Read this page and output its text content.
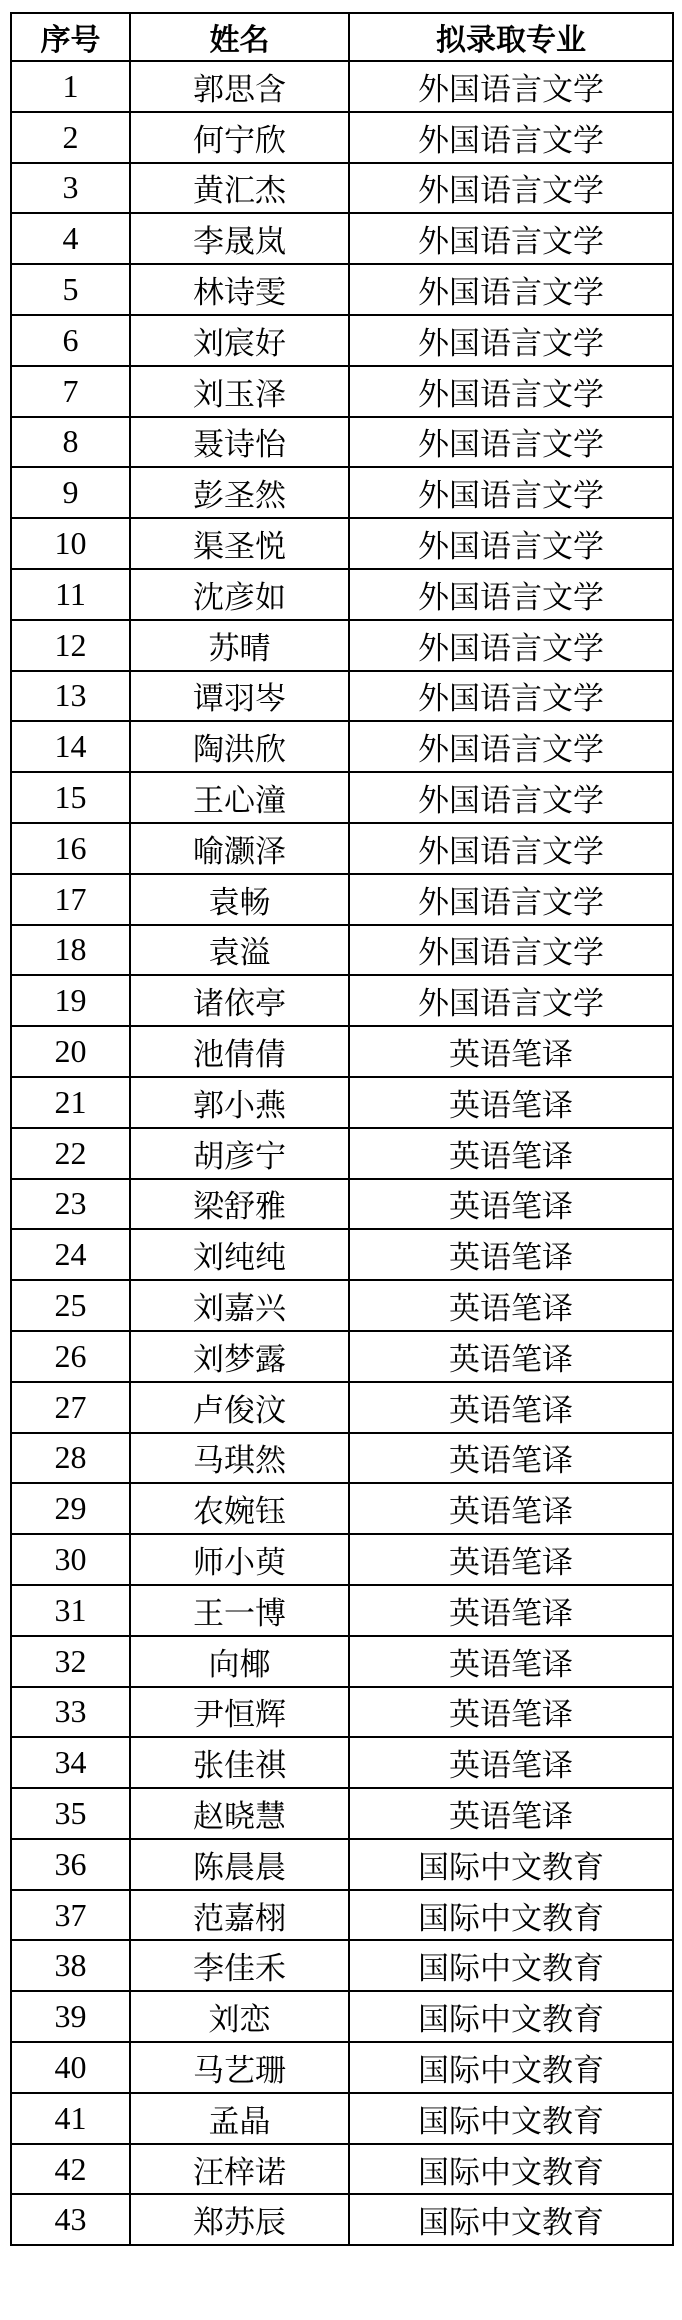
序号	姓名	拟录取专业
1	郭思含	外国语言文学
2	何宁欣	外国语言文学
3	黄汇杰	外国语言文学
4	李晟岚	外国语言文学
5	林诗雯	外国语言文学
6	刘宸好	外国语言文学
7	刘玉泽	外国语言文学
8	聂诗怡	外国语言文学
9	彭圣然	外国语言文学
10	渠圣悦	外国语言文学
11	沈彦如	外国语言文学
12	苏晴	外国语言文学
13	谭羽岑	外国语言文学
14	陶洪欣	外国语言文学
15	王心潼	外国语言文学
16	喻灏泽	外国语言文学
17	袁畅	外国语言文学
18	袁溢	外国语言文学
19	诸依亭	外国语言文学
20	池倩倩	英语笔译
21	郭小燕	英语笔译
22	胡彦宁	英语笔译
23	梁舒雅	英语笔译
24	刘纯纯	英语笔译
25	刘嘉兴	英语笔译
26	刘梦露	英语笔译
27	卢俊汶	英语笔译
28	马琪然	英语笔译
29	农婉钰	英语笔译
30	师小萸	英语笔译
31	王一博	英语笔译
32	向椰	英语笔译
33	尹恒辉	英语笔译
34	张佳祺	英语笔译
35	赵晓慧	英语笔译
36	陈晨晨	国际中文教育
37	范嘉栩	国际中文教育
38	李佳禾	国际中文教育
39	刘恋	国际中文教育
40	马艺珊	国际中文教育
41	孟晶	国际中文教育
42	汪梓诺	国际中文教育
43	郑苏辰	国际中文教育
